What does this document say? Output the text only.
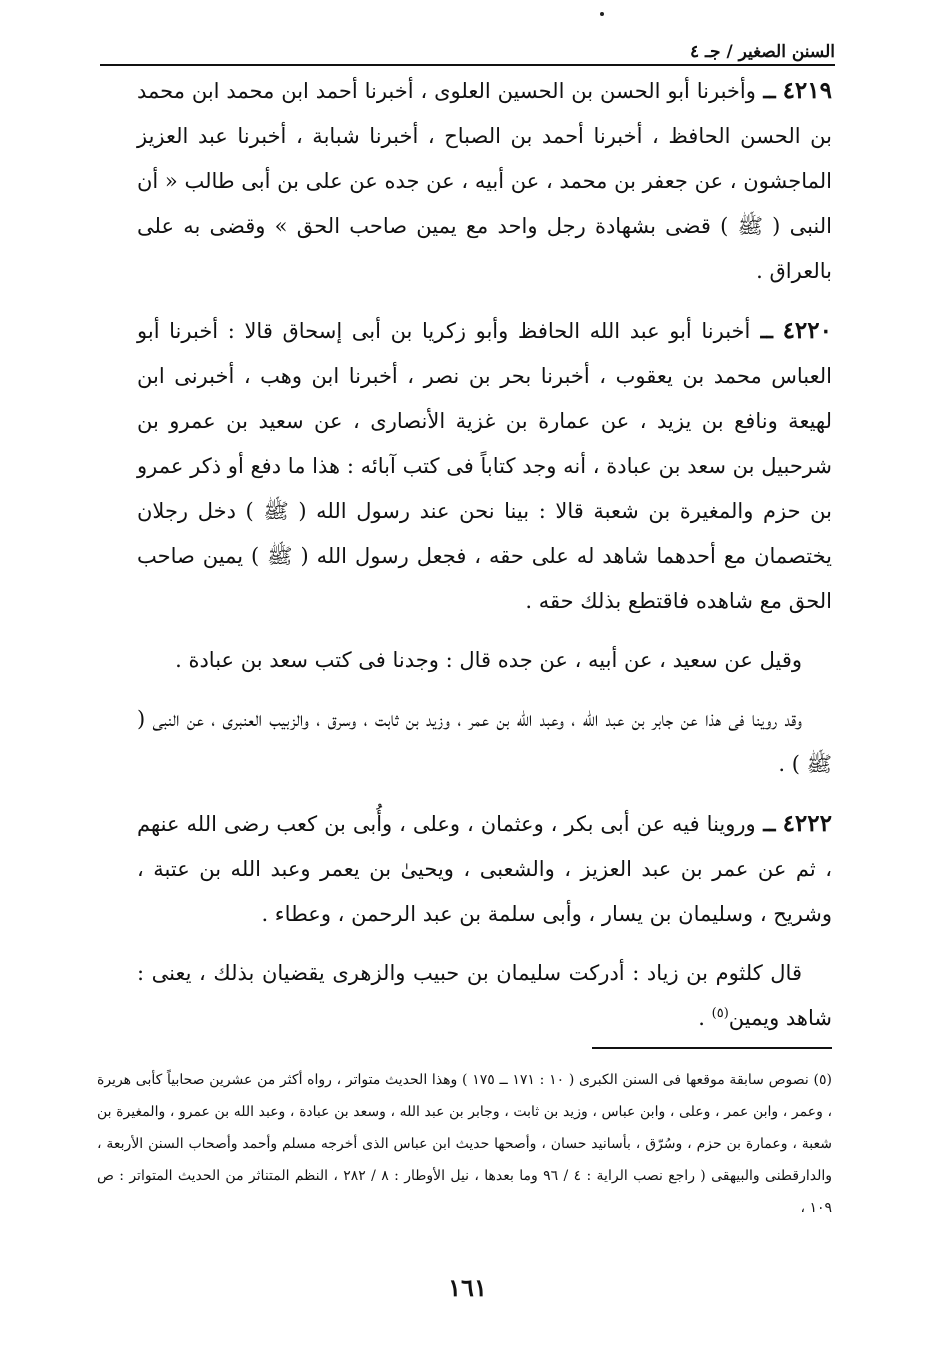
السنن الصغير / جـ ٤

٤٢١٩ ــ وأخبرنا أبو الحسن بن الحسين العلوى ، أخبرنا أحمد ابن محمد ابن محمد بن الحسن الحافظ ، أخبرنا أحمد بن الصباح ، أخبرنا شبابة ، أخبرنا عبد العزيز الماجشون ، عن جعفر بن محمد ، عن أبيه ، عن جده عن على بن أبى طالب « أن النبى ( ﷺ ) قضى بشهادة رجل واحد مع يمين صاحب الحق » وقضى به على بالعراق .

٤٢٢٠ ــ أخبرنا أبو عبد الله الحافظ وأبو زكريا بن أبى إسحاق قالا : أخبرنا أبو العباس محمد بن يعقوب ، أخبرنا بحر بن نصر ، أخبرنا ابن وهب ، أخبرنى ابن لهيعة ونافع بن يزيد ، عن عمارة بن غزية الأنصارى ، عن سعيد بن عمرو بن شرحبيل بن سعد بن عبادة ، أنه وجد كتاباً فى كتب آبائه : هذا ما دفع أو ذكر عمرو بن حزم والمغيرة بن شعبة قالا : بينا نحن عند رسول الله ( ﷺ ) دخل رجلان يختصمان مع أحدهما شاهد له على حقه ، فجعل رسول الله ( ﷺ ) يمين صاحب الحق مع شاهده فاقتطع بذلك حقه .

وقيل عن سعيد ، عن أبيه ، عن جده قال : وجدنا فى كتب سعد بن عبادة .

وقد روينا فى هذا عن جابر بن عبد الله ، وعبد الله بن عمر ، وزيد بن ثابت ، وسرق ، والزبيب العنبرى ، عن النبى ( ﷺ ) .

٤٢٢٢ ــ وروينا فيه عن أبى بكر ، وعثمان ، وعلى ، وأُبى بن كعب رضى الله عنهم ، ثم عن عمر بن عبد العزيز ، والشعبى ، ويحيىٰ بن يعمر وعبد الله بن عتبة ، وشريح ، وسليمان بن يسار ، وأبى سلمة بن عبد الرحمن ، وعطاء .

قال كلثوم بن زياد : أدركت سليمان بن حبيب والزهرى يقضيان بذلك ، يعنى : شاهد ويمين$^{(٥)}$ .

(٥) نصوص سابقة موقعها فى السنن الكبرى ( ١٠ : ١٧١ ــ ١٧٥ ) وهذا الحديث متواتر ، رواه أكثر من عشرين صحابياً كأبى هريرة ، وعمر ، وابن عمر ، وعلى ، وابن عباس ، وزيد بن ثابت ، وجابر بن عبد الله ، وسعد بن عبادة ، وعبد الله بن عمرو ، والمغيرة بن شعبة ، وعمارة بن حزم ، وسُرّق ، بأسانيد حسان ، وأصحها حديث ابن عباس الذى أخرجه مسلم وأحمد وأصحاب السنن الأربعة ، والدارقطنى والبيهقى ( راجع نصب الراية : ٤ / ٩٦ وما بعدها ، نيل الأوطار : ٨ / ٢٨٢ ، النظم المتناثر من الحديث المتواتر : ص ١٠٩ ،
١٦١
